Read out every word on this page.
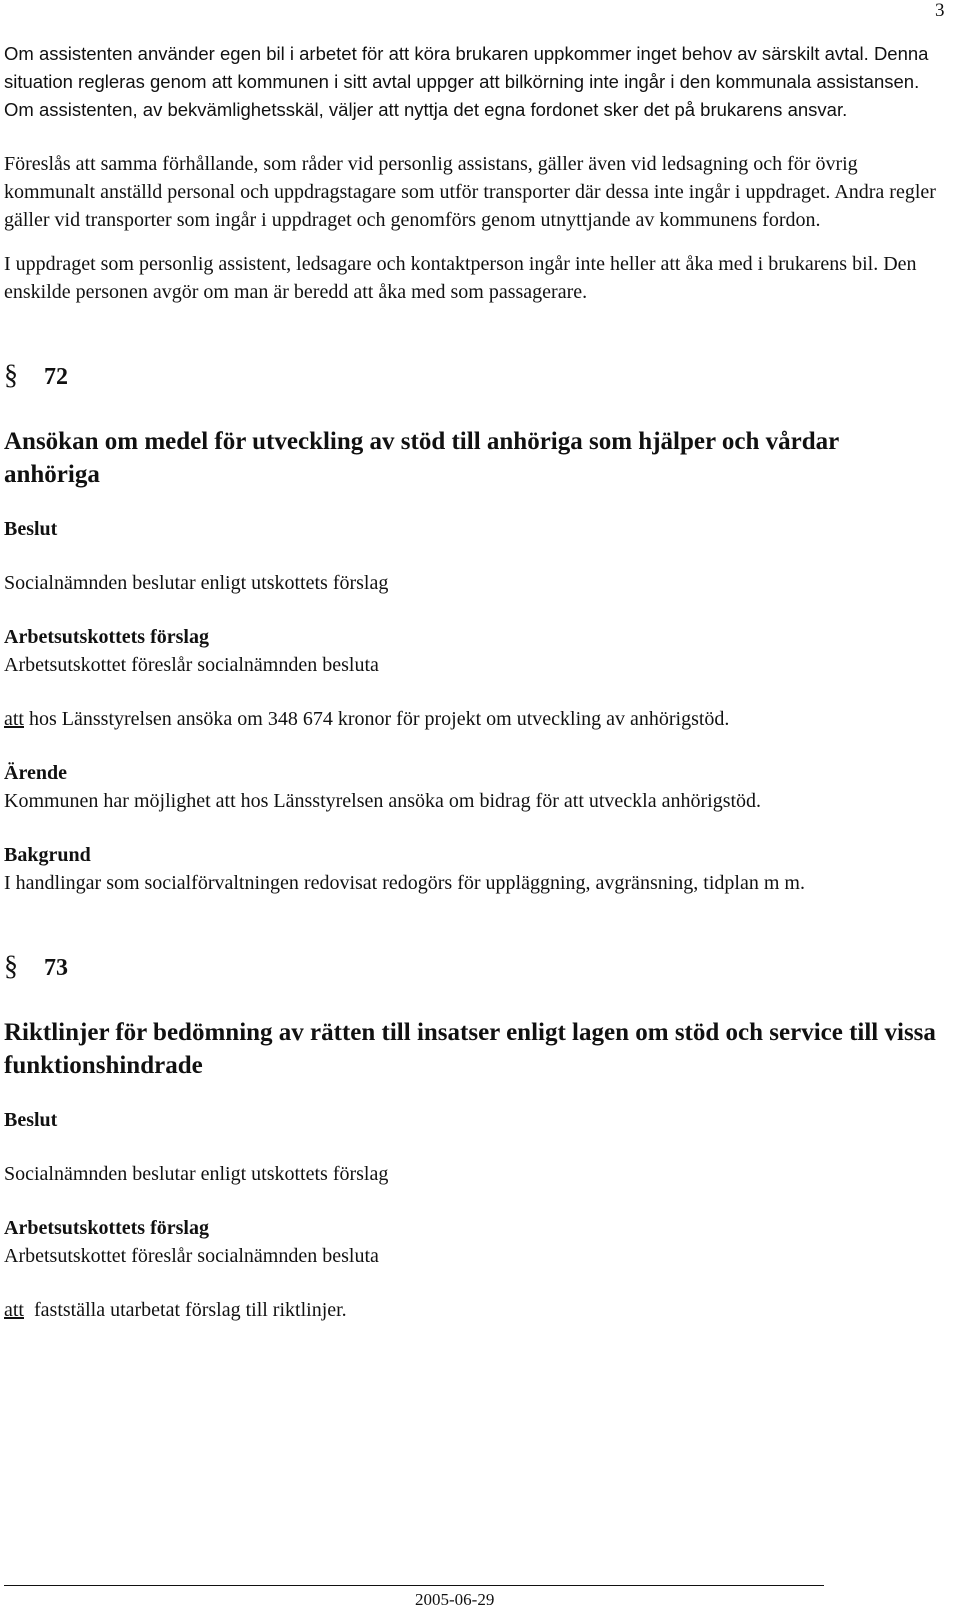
3

Om assistenten använder egen bil i arbetet för att köra brukaren uppkommer inget behov av särskilt avtal. Denna situation regleras genom att kommunen i sitt avtal uppger att bilkörning inte ingår i den kommunala assistansen. Om assistenten, av bekvämlighetsskäl, väljer att nyttja det egna fordonet sker det på brukarens ansvar.

Föreslås att samma förhållande, som råder vid personlig assistans, gäller även vid ledsagning och för övrig kommunalt anställd personal och uppdragstagare som utför transporter där dessa inte ingår i uppdraget. Andra regler gäller vid transporter som ingår i uppdraget och genomförs genom utnyttjande av kommunens fordon.

I uppdraget som personlig assistent, ledsagare och kontaktperson ingår inte heller att åka med i brukarens bil. Den enskilde personen avgör om man är beredd att åka med som passagerare.

§ 72

Ansökan om medel för utveckling av stöd till anhöriga som hjälper och vårdar anhöriga

Beslut

Socialnämnden beslutar enligt utskottets förslag

Arbetsutskottets förslag

Arbetsutskottet föreslår socialnämnden besluta

att hos Länsstyrelsen ansöka om 348 674 kronor för projekt om utveckling av anhörigstöd.

Ärende

Kommunen har möjlighet att hos Länsstyrelsen ansöka om bidrag för att utveckla anhörigstöd.

Bakgrund

I handlingar som socialförvaltningen redovisat redogörs för uppläggning, avgränsning, tidplan m m.

§ 73

Riktlinjer för bedömning av rätten till insatser enligt lagen om stöd och service till vissa funktionshindrade

Beslut

Socialnämnden beslutar enligt utskottets förslag

Arbetsutskottets förslag

Arbetsutskottet föreslår socialnämnden besluta

att  fastställa utarbetat förslag till riktlinjer.

2005-06-29
